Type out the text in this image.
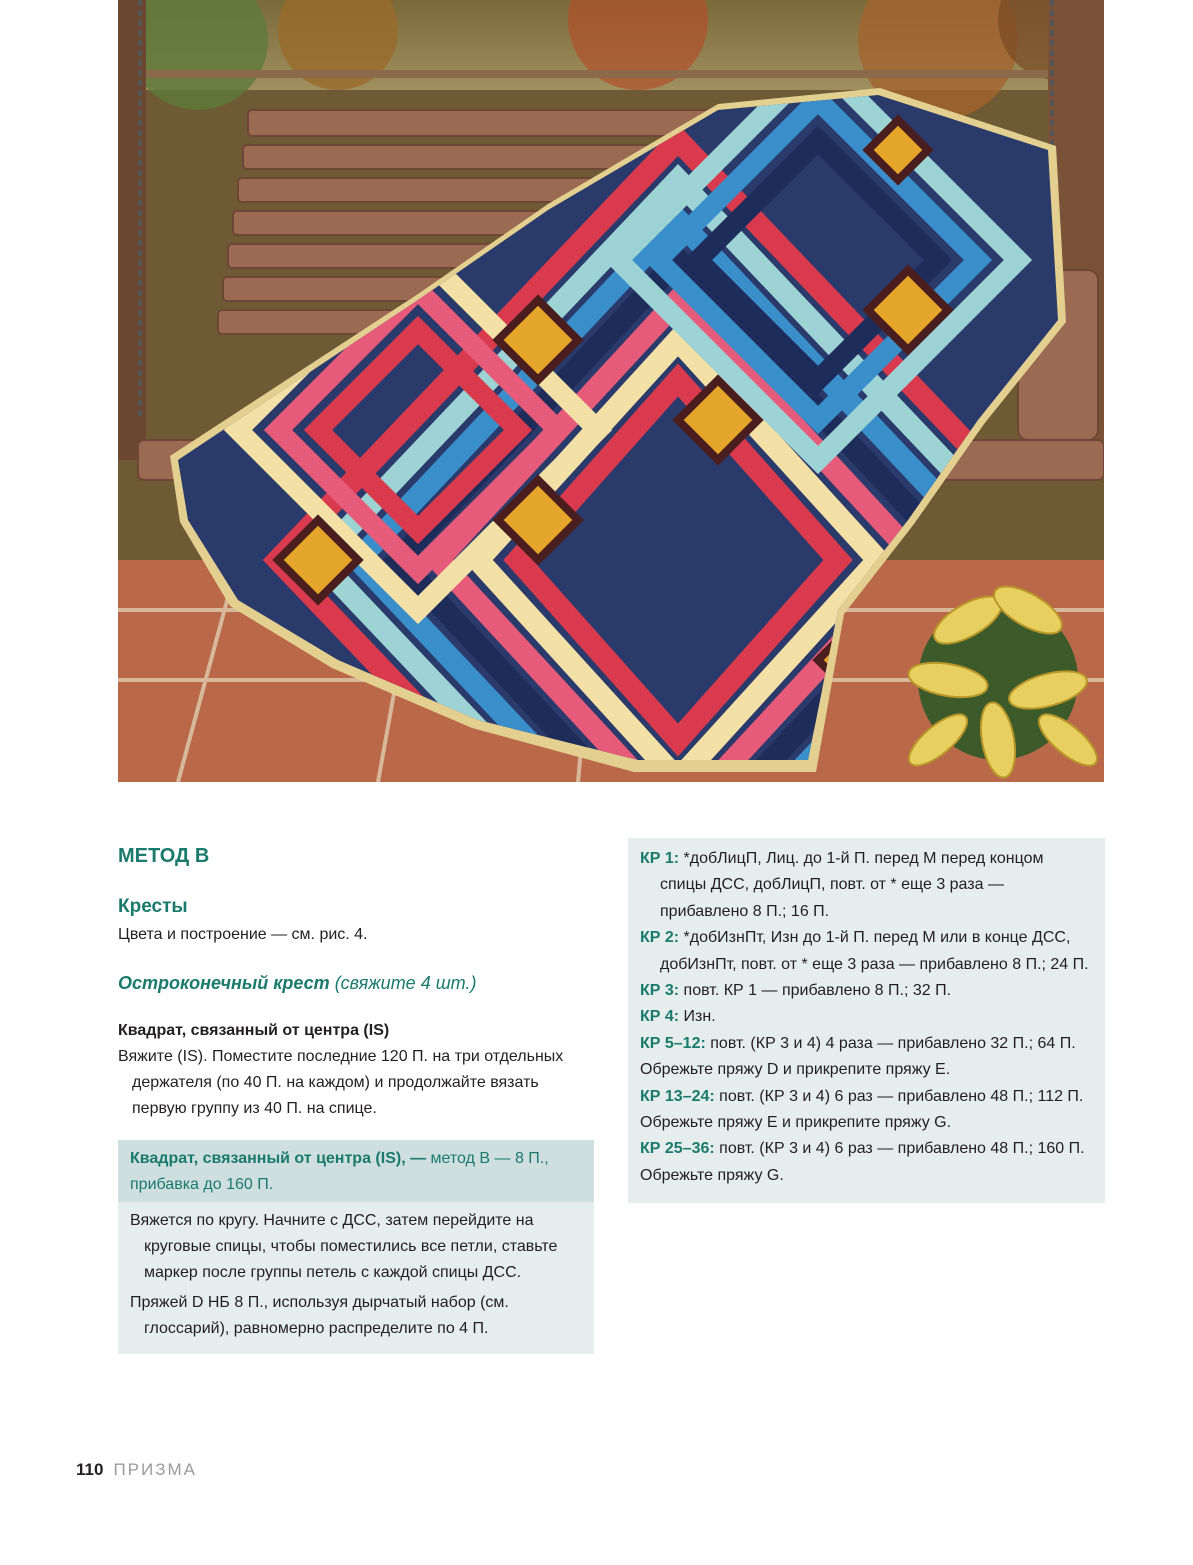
МЕТОД В

Кресты

Цвета и построение — см. рис. 4.

Остроконечный крест (свяжите 4 шт.)

Квадрат, связанный от центра (IS)

Вяжите (IS). Поместите последние 120 П. на три отдельных держателя (по 40 П. на каждом) и продолжайте вязать первую группу из 40 П. на спице.

Квадрат, связанный от центра (IS), — метод В — 8 П., прибавка до 160 П.

Вяжется по кругу. Начните с ДСС, затем перейдите на круговые спицы, чтобы поместились все петли, ставьте маркер после группы петель с каждой спицы ДСС.

Пряжей D НБ 8 П., используя дырчатый набор (см. глоссарий), равномерно распределите по 4 П.

КР 1: *добЛицП, Лиц. до 1-й П. перед М перед концом спицы ДСС, добЛицП, повт. от * еще 3 раза — прибавлено 8 П.; 16 П.

КР 2: *добИзнПт, Изн до 1-й П. перед М или в конце ДСС, добИзнПт, повт. от * еще 3 раза — прибавлено 8 П.; 24 П.

КР 3: повт. КР 1 — прибавлено 8 П.; 32 П.

КР 4: Изн.

КР 5–12: повт. (КР 3 и 4) 4 раза — прибавлено 32 П.; 64 П.

Обрежьте пряжу D и прикрепите пряжу E.

КР 13–24: повт. (КР 3 и 4) 6 раз — прибавлено 48 П.; 112 П.

Обрежьте пряжу E и прикрепите пряжу G.

КР 25–36: повт. (КР 3 и 4) 6 раз — прибавлено 48 П.; 160 П.

Обрежьте пряжу G.

110 ПРИЗМА
